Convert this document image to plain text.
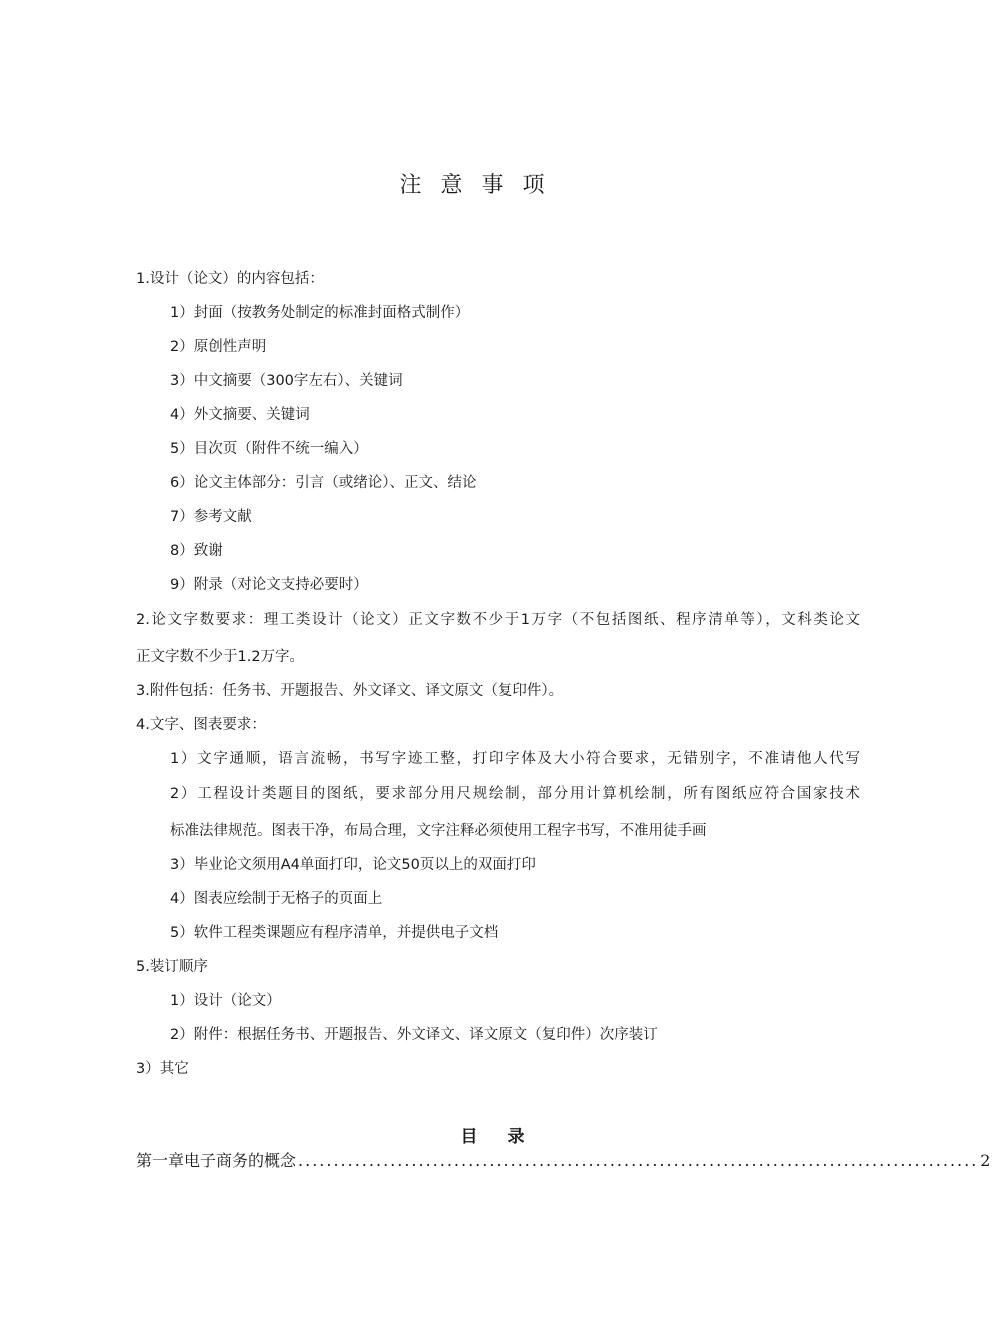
注 意 事 项
1.设计（论文）的内容包括：
1）封面（按教务处制定的标准封面格式制作）
2）原创性声明
3）中文摘要（300字左右）、关键词
4）外文摘要、关键词
5）目次页（附件不统一编入）
6）论文主体部分：引言（或绪论）、正文、结论
7）参考文献
8）致谢
9）附录（对论文支持必要时）
2.论文字数要求：理工类设计（论文）正文字数不少于1万字（不包括图纸、程序清单等），文科类论文
正文字数不少于1.2万字。
3.附件包括：任务书、开题报告、外文译文、译文原文（复印件）。
4.文字、图表要求：
1）文字通顺，语言流畅，书写字迹工整，打印字体及大小符合要求，无错别字，不准请他人代写
2）工程设计类题目的图纸，要求部分用尺规绘制，部分用计算机绘制，所有图纸应符合国家技术
标准法律规范。图表干净，布局合理，文字注释必须使用工程字书写，不准用徒手画
3）毕业论文须用A4单面打印，论文50页以上的双面打印
4）图表应绘制于无格子的页面上
5）软件工程类课题应有程序清单，并提供电子文档
5.装订顺序
1）设计（论文）
2）附件：根据任务书、开题报告、外文译文、译文原文（复印件）次序装订
3）其它
目 录
第一章 电子商务的概念 ................................................................................................ 2
